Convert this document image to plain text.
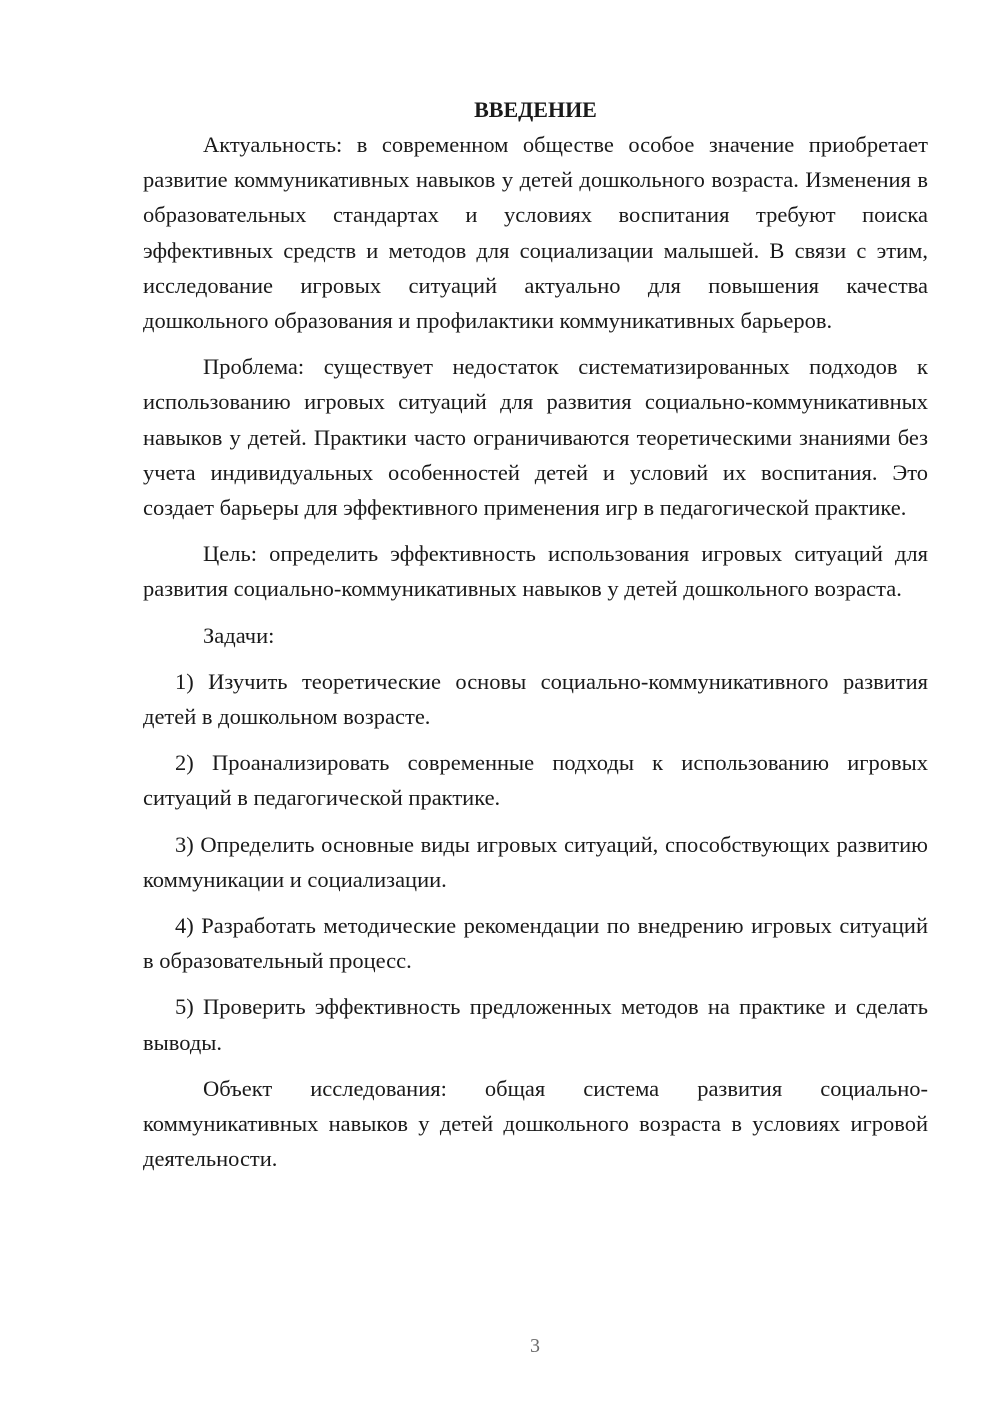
ВВЕДЕНИЕ

Актуальность: в современном обществе особое значение приобретает развитие коммуникативных навыков у детей дошкольного возраста. Изменения в образовательных стандартах и условиях воспитания требуют поиска эффективных средств и методов для социализации малышей. В связи с этим, исследование игровых ситуаций актуально для повышения качества дошкольного образования и профилактики коммуникативных барьеров.

Проблема: существует недостаток систематизированных подходов к использованию игровых ситуаций для развития социально-коммуникативных навыков у детей. Практики часто ограничиваются теоретическими знаниями без учета индивидуальных особенностей детей и условий их воспитания. Это создает барьеры для эффективного применения игр в педагогической практике.

Цель: определить эффективность использования игровых ситуаций для развития социально-коммуникативных навыков у детей дошкольного возраста.

Задачи:

1) Изучить теоретические основы социально-коммуникативного развития детей в дошкольном возрасте.

2) Проанализировать современные подходы к использованию игровых ситуаций в педагогической практике.

3) Определить основные виды игровых ситуаций, способствующих развитию коммуникации и социализации.

4) Разработать методические рекомендации по внедрению игровых ситуаций в образовательный процесс.

5) Проверить эффективность предложенных методов на практике и сделать выводы.

Объект исследования: общая система развития социально-коммуникативных навыков у детей дошкольного возраста в условиях игровой деятельности.

3
